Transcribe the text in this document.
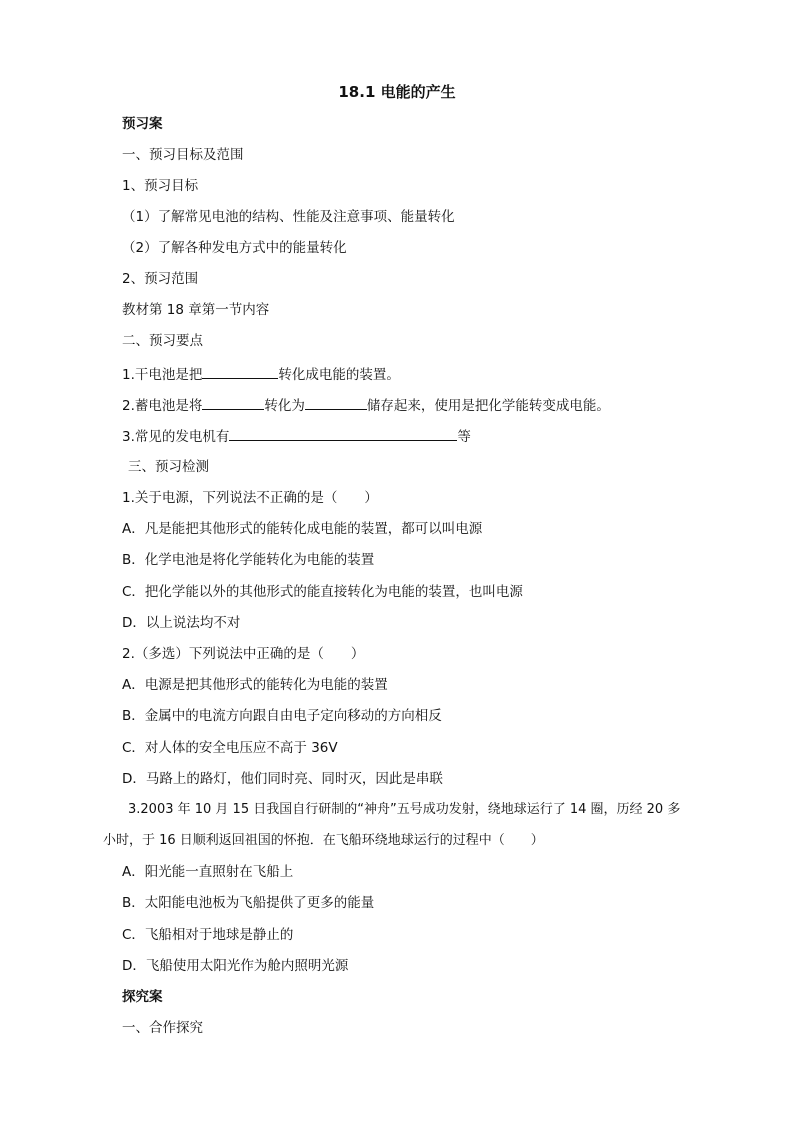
18.1 电能的产生
预习案
一、预习目标及范围
1、预习目标
（1）了解常见电池的结构、性能及注意事项、能量转化
（2）了解各种发电方式中的能量转化
2、预习范围
教材第 18 章第一节内容
二、预习要点
1.干电池是把	转化成电能的装置。
2.蓄电池是将	转化为	储存起来，使用是把化学能转变成电能。
3.常见的发电机有	等
三、预习检测
1.关于电源，下列说法不正确的是（　　）
A．凡是能把其他形式的能转化成电能的装置，都可以叫电源
B．化学电池是将化学能转化为电能的装置
C．把化学能以外的其他形式的能直接转化为电能的装置，也叫电源
D．以上说法均不对
2.（多选）下列说法中正确的是（　　）
A．电源是把其他形式的能转化为电能的装置
B．金属中的电流方向跟自由电子定向移动的方向相反
C．对人体的安全电压应不高于 36V
D．马路上的路灯，他们同时亮、同时灭，因此是串联
3.2003 年 10 月 15 日我国自行研制的“神舟”五号成功发射，绕地球运行了 14 圈，历经 20 多
小时，于 16 日顺利返回祖国的怀抱．在飞船环绕地球运行的过程中（　　）
A．阳光能一直照射在飞船上
B．太阳能电池板为飞船提供了更多的能量
C．飞船相对于地球是静止的
D．飞船使用太阳光作为舱内照明光源
探究案
一、合作探究
